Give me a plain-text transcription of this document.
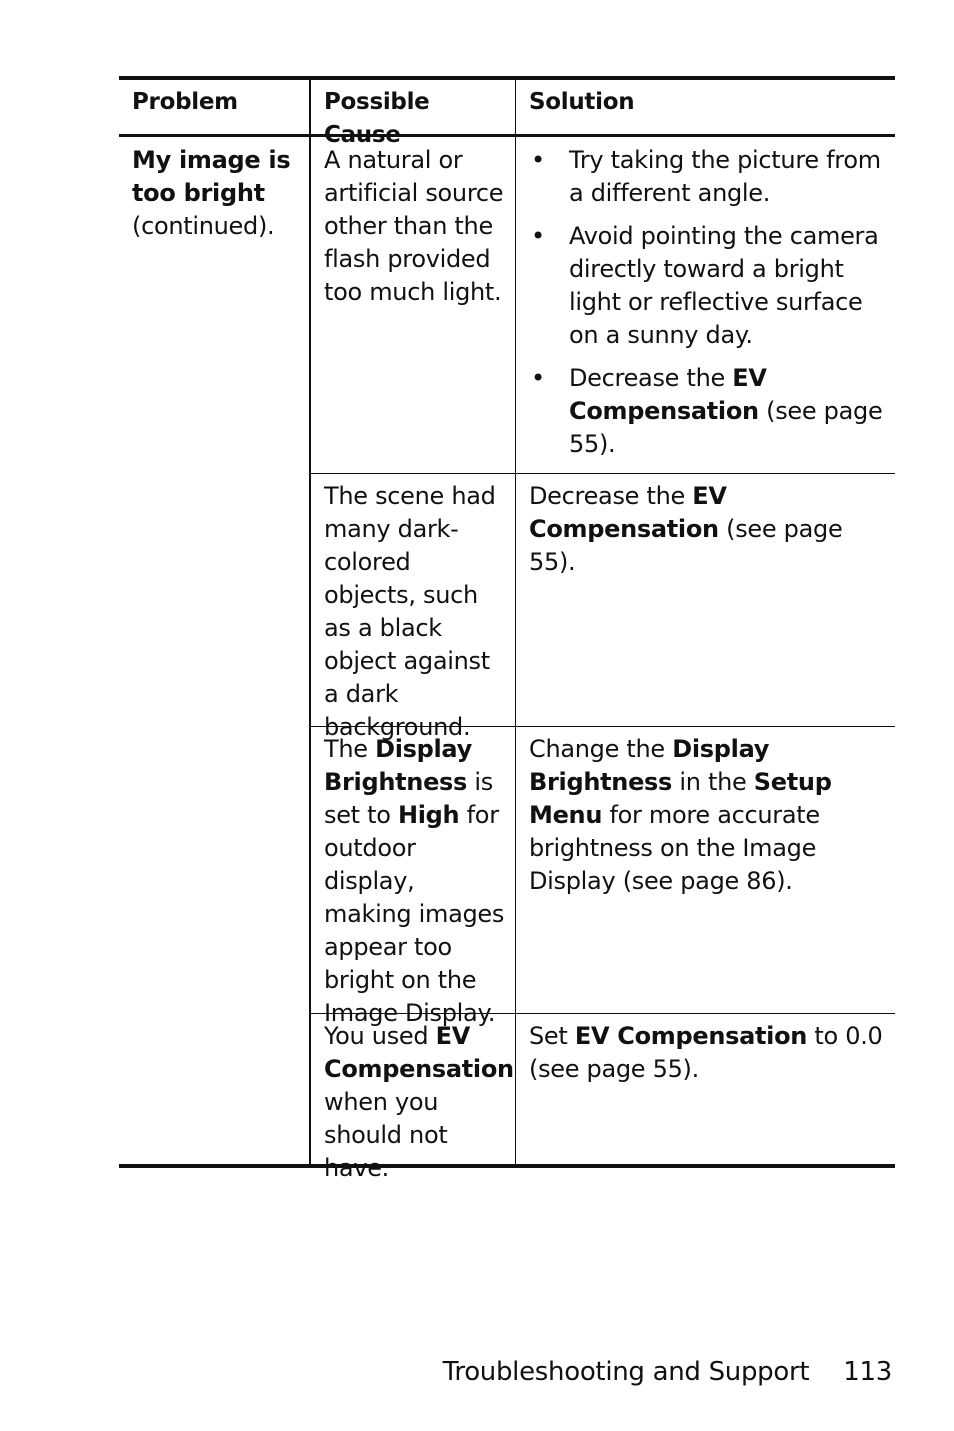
Problem	Possible Cause
Solution
My image is too bright
(continued).
A natural or artificial source other than the flash provided too much light.
• Try taking the picture from a different angle.
• Avoid pointing the camera directly toward a bright light or reflective surface on a sunny day.
• Decrease the EV Compensation (see page 55).
The scene had many dark-colored objects, such as a black object against a dark background.
Decrease the EV Compensation (see page 55).
The Display Brightness is set to High for outdoor display, making images appear too bright on the Image Display.
Change the Display Brightness in the Setup Menu for more accurate brightness on the Image Display (see page 86).
You used EV Compensation when you should not have.
Set EV Compensation to 0.0 (see page 55).
Troubleshooting and Support 113
